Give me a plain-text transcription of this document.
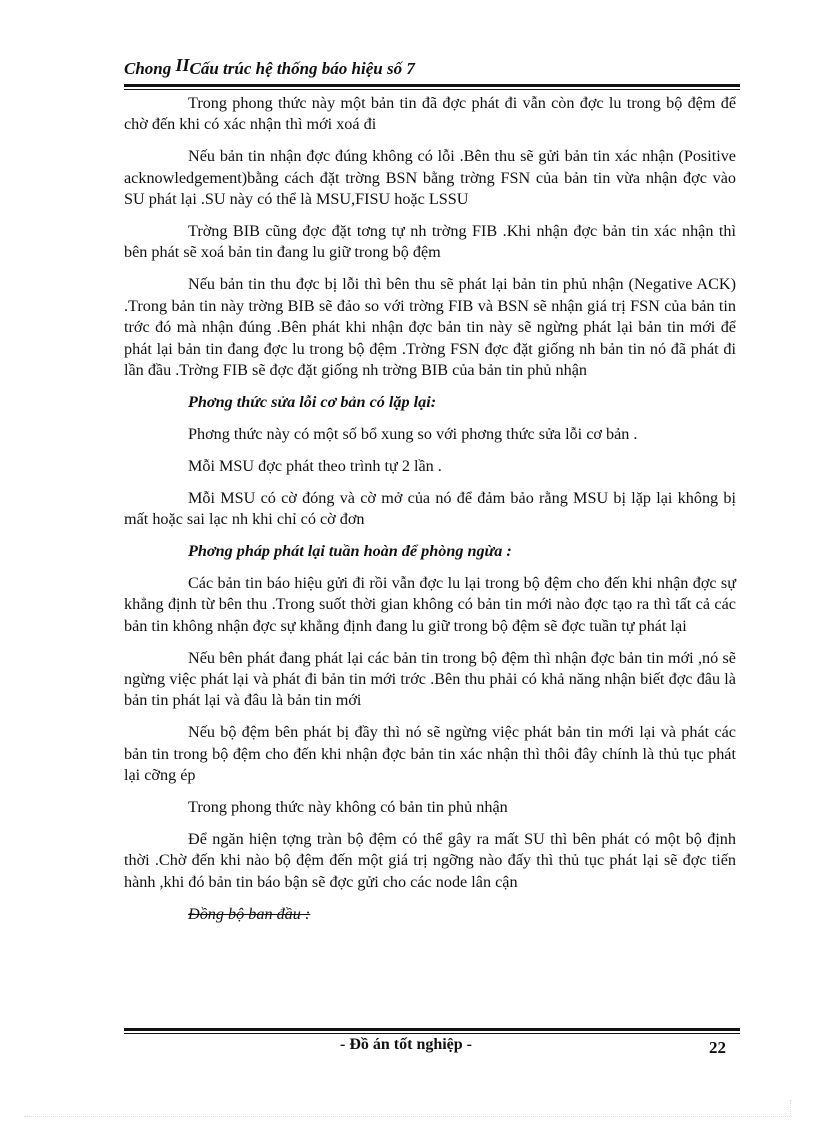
Chong IICấu trúc hệ thống báo hiệu số 7

Trong phong thức này một bản tin đã đợc phát đi vẫn còn đợc lu trong bộ đệm để chờ đến khi có xác nhận thì mới xoá đi

Nếu bản tin nhận đợc đúng không có lỗi .Bên thu sẽ gửi bản tin xác nhận (Positive acknowledgement)bằng cách đặt trờng BSN bằng trờng FSN của bản tin vừa nhận đợc vào SU phát lại .SU này có thể là MSU,FISU hoặc LSSU

Trờng BIB cũng đợc đặt tơng tự nh trờng FIB .Khi nhận đợc bản tin xác nhận thì bên phát sẽ xoá bản tin đang lu giữ trong bộ đệm

Nếu bản tin thu đợc bị lỗi thì bên thu sẽ phát lại bản tin phủ nhận (Negative ACK) .Trong bản tin này trờng BIB sẽ đảo so với trờng FIB và BSN sẽ nhận giá trị FSN của bản tin trớc đó mà nhận đúng .Bên phát khi nhận đợc bản tin này sẽ ngừng phát lại bản tin mới để phát lại bản tin đang đợc lu trong bộ đệm .Trờng FSN đợc đặt giống nh bản tin nó đã phát đi lần đầu .Trờng FIB sẽ đợc đặt giống nh trờng BIB của bản tin phủ nhận

Phơng thức sửa lỗi cơ bản có lặp lại:

Phơng thức này có một số bổ xung so với phơng thức sửa lỗi cơ bản .

Mỗi MSU đợc phát theo trình tự 2 lần .

Mỗi MSU có cờ đóng và cờ mở của nó để đảm bảo rằng MSU bị lặp lại không bị mất hoặc sai lạc nh khi chỉ có cờ đơn

Phơng pháp phát lại tuần hoàn để phòng ngừa :

Các bản tin báo hiệu gửi đi rồi vẫn đợc lu lại trong bộ đệm cho đến khi nhận đợc sự khẳng định từ bên thu .Trong suốt thời gian không có bản tin mới nào đợc tạo ra thì tất cả các bản tin không nhận đợc sự khẳng định đang lu giữ trong bộ đệm sẽ đợc tuần tự phát lại

Nếu bên phát đang phát lại các bản tin trong bộ đệm thì nhận đợc bản tin mới ,nó sẽ ngừng việc phát lại và phát đi bản tin mới trớc .Bên thu phải có khả năng nhận biết đợc đâu là bản tin phát lại và đâu là bản tin mới

Nếu bộ đệm bên phát bị đầy thì nó sẽ ngừng việc phát bản tin mới lại và phát các bản tin trong bộ đệm cho đến khi nhận đợc bản tin xác nhận thì thôi đây chính là thủ tục phát lại cỡng ép

Trong phong thức này không có bản tin phủ nhận

Để ngăn hiện tợng tràn bộ đệm có thể gây ra mất SU thì bên phát có một bộ định thời .Chờ đến khi nào bộ đệm đến một giá trị ngỡng nào đấy thì thủ tục phát lại sẽ đợc tiến hành ,khi đó bản tin báo bận sẽ đợc gửi cho các node lân cận

Đồng bộ ban đầu :

- Đồ án tốt nghiệp -	22
